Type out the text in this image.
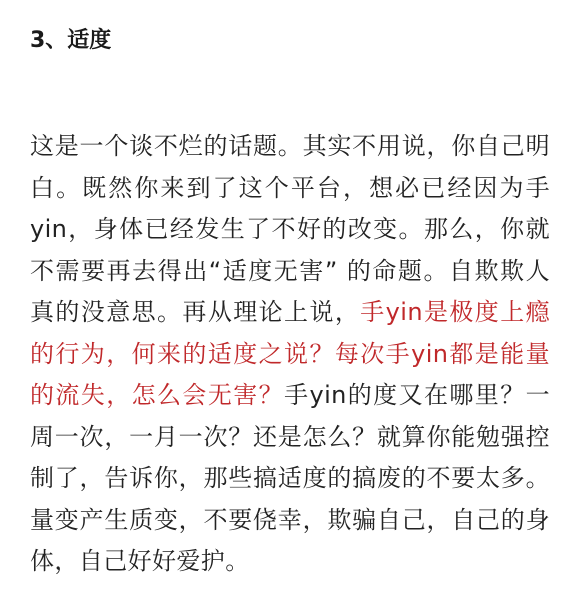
3、适度

这是一个谈不烂的话题。其实不用说，你自己明白。既然你来到了这个平台，想必已经因为手yin，身体已经发生了不好的改变。那么，你就不需要再去得出“适度无害” 的命题。自欺欺人真的没意思。再从理论上说，手yin是极度上瘾的行为，何来的适度之说？每次手yin都是能量的流失，怎么会无害？手yin的度又在哪里？一周一次，一月一次？还是怎么？就算你能勉强控制了，告诉你，那些搞适度的搞废的不要太多。量变产生质变，不要侥幸，欺骗自己，自己的身体，自己好好爱护。
